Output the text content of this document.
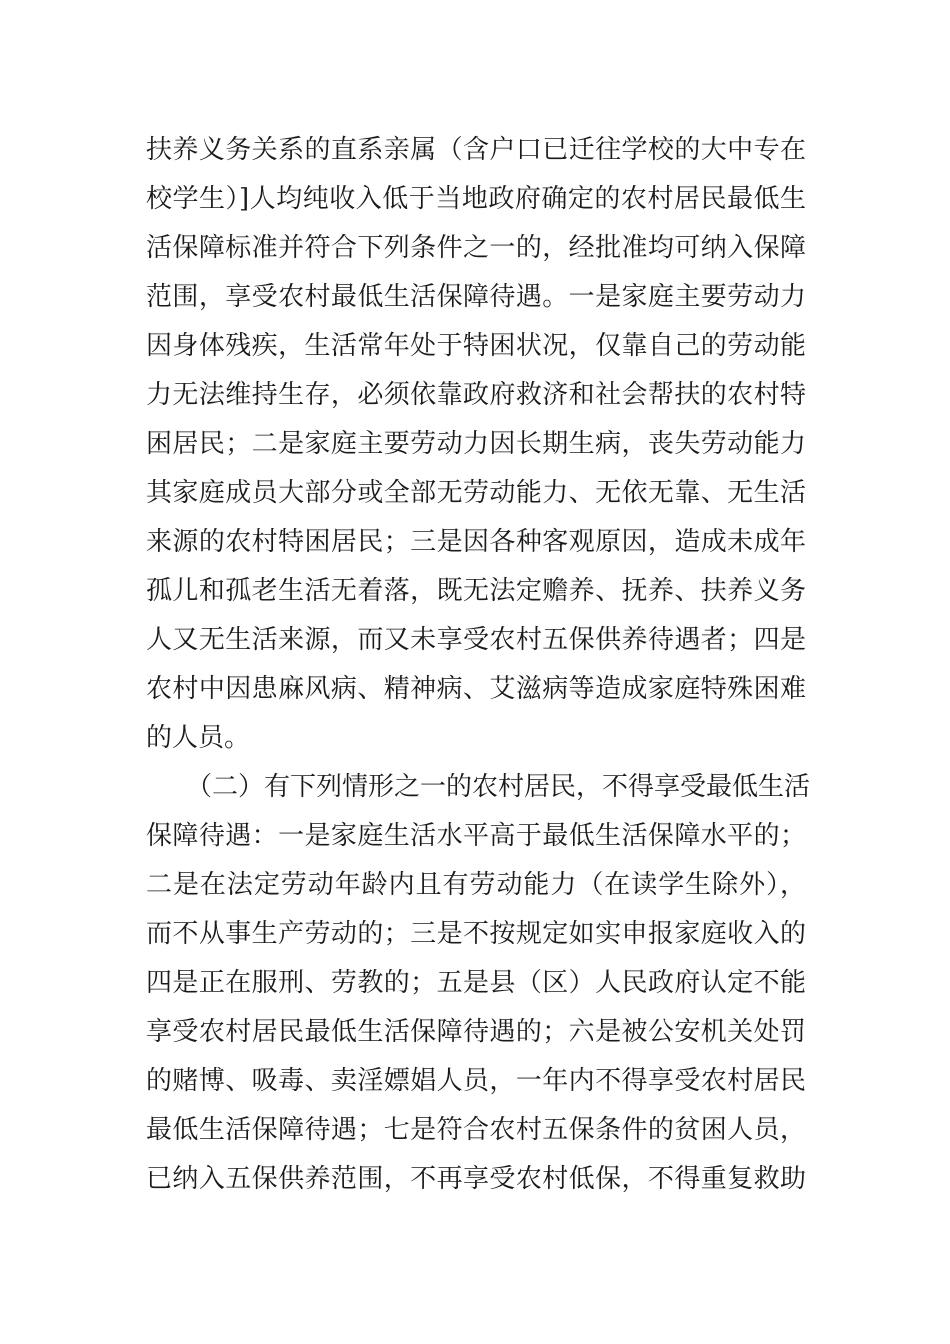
扶养义务关系的直系亲属（含户口已迁往学校的大中专在
校学生）]人均纯收入低于当地政府确定的农村居民最低生
活保障标准并符合下列条件之一的，经批准均可纳入保障
范围，享受农村最低生活保障待遇。一是家庭主要劳动力
因身体残疾，生活常年处于特困状况，仅靠自己的劳动能
力无法维持生存，必须依靠政府救济和社会帮扶的农村特
困居民；二是家庭主要劳动力因长期生病，丧失劳动能力
其家庭成员大部分或全部无劳动能力、无依无靠、无生活
来源的农村特困居民；三是因各种客观原因，造成未成年
孤儿和孤老生活无着落，既无法定赡养、抚养、扶养义务
人又无生活来源，而又未享受农村五保供养待遇者；四是
农村中因患麻风病、精神病、艾滋病等造成家庭特殊困难
的人员。
（二）有下列情形之一的农村居民，不得享受最低生活
保障待遇：一是家庭生活水平高于最低生活保障水平的；
二是在法定劳动年龄内且有劳动能力（在读学生除外），
而不从事生产劳动的；三是不按规定如实申报家庭收入的
四是正在服刑、劳教的；五是县（区）人民政府认定不能
享受农村居民最低生活保障待遇的；六是被公安机关处罚
的赌博、吸毒、卖淫嫖娼人员，一年内不得享受农村居民
最低生活保障待遇；七是符合农村五保条件的贫困人员，
已纳入五保供养范围，不再享受农村低保，不得重复救助
